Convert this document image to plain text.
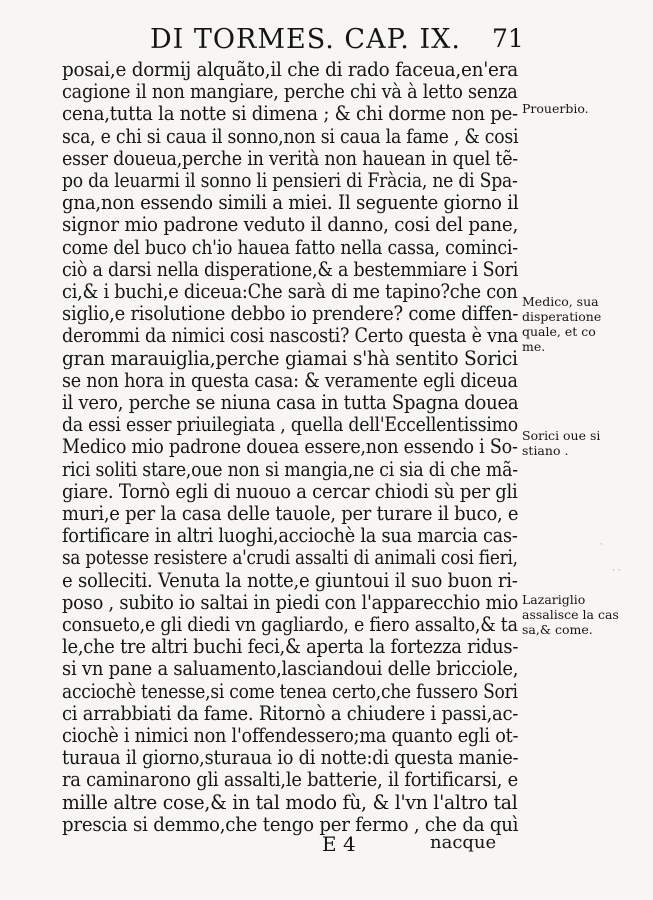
DI TORMES. CAP. IX.	71
posai,e dormij alquãto,il che di rado faceua,en'era
cagione il non mangiare, perche chi và à letto senza
cena,tutta la notte si dimena ; & chi dorme non pe-
sca, e chi si caua il sonno,non si caua la fame , & cosi
esser doueua,perche in verità non hauean in quel tẽ-
po da leuarmi il sonno li pensieri di Fràcia, ne di Spa-
gna,non essendo simili a miei. Il seguente giorno il
signor mio padrone veduto il danno, cosi del pane,
come del buco ch'io hauea fatto nella cassa, cominci-
ciò a darsi nella disperatione,& a bestemmiare i Sori
ci,& i buchi,e diceua:Che sarà di me tapino?che con
siglio,e risolutione debbo io prendere? come diffen-
derommi da nimici cosi nascosti? Certo questa è vna
gran marauiglia,perche giamai s'hà sentito Sorici
se non hora in questa casa: & veramente egli diceua
il vero, perche se niuna casa in tutta Spagna doueа
da essi esser priuilegiata , quella dell'Eccellentissimo
Medico mio padrone douea essere,non essendo i So-
rici soliti stare,oue non si mangia,ne ci sia di che mã-
giare. Tornò egli di nuouo a cercar chiodi sù per gli
muri,e per la casa delle tauole, per turare il buco, e
fortificare in altri luoghi,acciochè la sua marcia cas-
sa potesse resistere a'crudi assalti di animali cosi fieri,
e solleciti. Venuta la notte,e giuntoui il suo buon ri-
poso , subito io saltai in piedi con l'apparecchio mio
consueto,e gli diedi vn gagliardo, e fiero assalto,& ta
le,che tre altri buchi feci,& aperta la fortezza ridus-
si vn pane a saluamento,lasciandoui delle bricciole,
acciochè tenesse,si come tenea certo,che fussero Sori
ci arrabbiati da fame. Ritornò a chiudere i passi,ac-
ciochè i nimici non l'offendessero;ma quanto egli ot-
turaua il giorno,sturaua io di notte:di questa manie-
ra caminarono gli assalti,le batterie, il fortificarsi, e
mille altre cose,& in tal modo fù, & l'vn l'altro tal
prescia si demmo,che tengo per fermo , che da quì
Prouerbio.
Medico, sua
disperatione
quale, et co
me.
Sorici oue si
stiano .
Lazariglio
assalisce la cas
sa,& come.
·
· ·
E 4	nacque
